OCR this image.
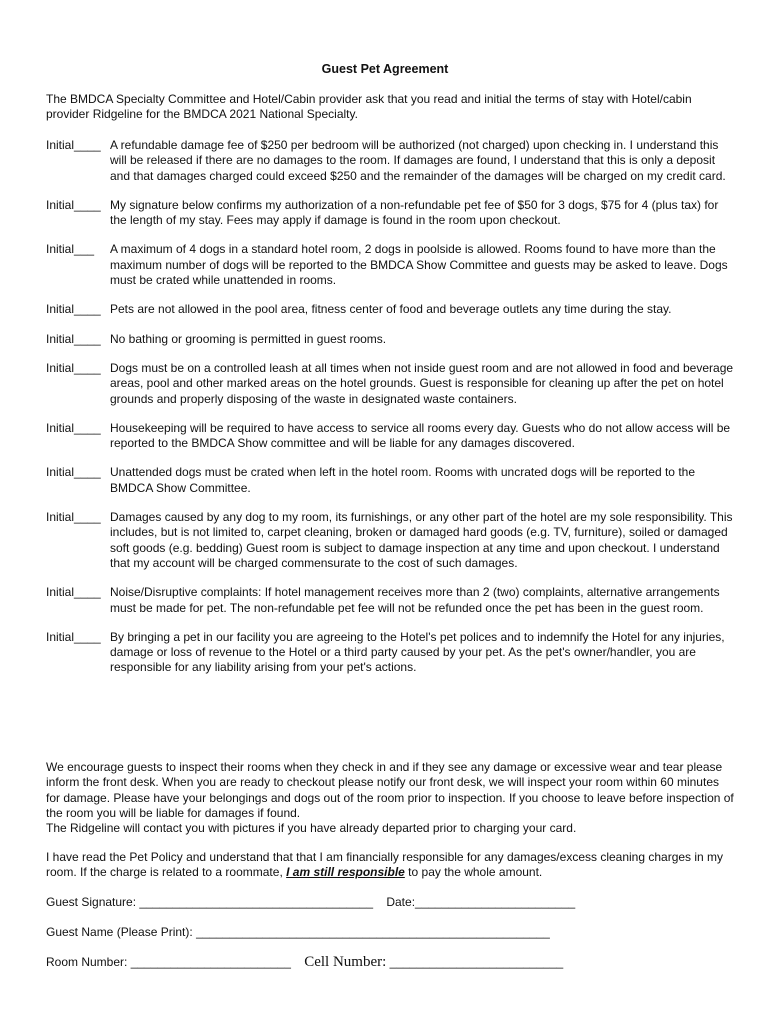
Guest Pet Agreement
The BMDCA Specialty Committee and Hotel/Cabin provider ask that you read and initial the terms of stay with Hotel/cabin provider Ridgeline for the BMDCA 2021 National Specialty.
Initial____ A refundable damage fee of $250 per bedroom will be authorized (not charged) upon checking in. I understand this will be released if there are no damages to the room. If damages are found, I understand that this is only a deposit and that damages charged could exceed $250 and the remainder of the damages will be charged on my credit card.
Initial____ My signature below confirms my authorization of a non-refundable pet fee of $50 for 3 dogs, $75 for 4 (plus tax) for the length of my stay. Fees may apply if damage is found in the room upon checkout.
Initial___	A maximum of 4 dogs in a standard hotel room, 2 dogs in poolside is allowed. Rooms found to have more than the maximum number of dogs will be reported to the BMDCA Show Committee and guests may be asked to leave. Dogs must be crated while unattended in rooms.
Initial____ Pets are not allowed in the pool area, fitness center of food and beverage outlets any time during the stay.
Initial____ No bathing or grooming is permitted in guest rooms.
Initial____ Dogs must be on a controlled leash at all times when not inside guest room and are not allowed in food and beverage areas, pool and other marked areas on the hotel grounds. Guest is responsible for cleaning up after the pet on hotel grounds and properly disposing of the waste in designated waste containers.
Initial____ Housekeeping will be required to have access to service all rooms every day. Guests who do not allow access will be reported to the BMDCA Show committee and will be liable for any damages discovered.
Initial____ Unattended dogs must be crated when left in the hotel room. Rooms with uncrated dogs will be reported to the BMDCA Show Committee.
Initial____ Damages caused by any dog to my room, its furnishings, or any other part of the hotel are my sole responsibility. This includes, but is not limited to, carpet cleaning, broken or damaged hard goods (e.g. TV, furniture), soiled or damaged soft goods (e.g. bedding) Guest room is subject to damage inspection at any time and upon checkout. I understand that my account will be charged commensurate to the cost of such damages.
Initial____ Noise/Disruptive complaints: If hotel management receives more than 2 (two) complaints, alternative arrangements must be made for pet. The non-refundable pet fee will not be refunded once the pet has been in the guest room.
Initial____ By bringing a pet in our facility you are agreeing to the Hotel's pet polices and to indemnify the Hotel for any injuries, damage or loss of revenue to the Hotel or a third party caused by your pet. As the pet's owner/handler, you are responsible for any liability arising from your pet's actions.

We encourage guests to inspect their rooms when they check in and if they see any damage or excessive wear and tear please inform the front desk. When you are ready to checkout please notify our front desk, we will inspect your room within 60 minutes for damage. Please have your belongings and dogs out of the room prior to inspection. If you choose to leave before inspection of the room you will be liable for damages if found.

The Ridgeline will contact you with pictures if you have already departed prior to charging your card.

I have read the Pet Policy and understand that that I am financially responsible for any damages/excess cleaning charges in my room. If the charge is related to a roommate, I am still responsible to pay the whole amount.
Guest Signature: ___________________________________ Date:________________________
Guest Name (Please Print): _____________________________________________________
Room Number: ________________________ Cell Number: __________________________
